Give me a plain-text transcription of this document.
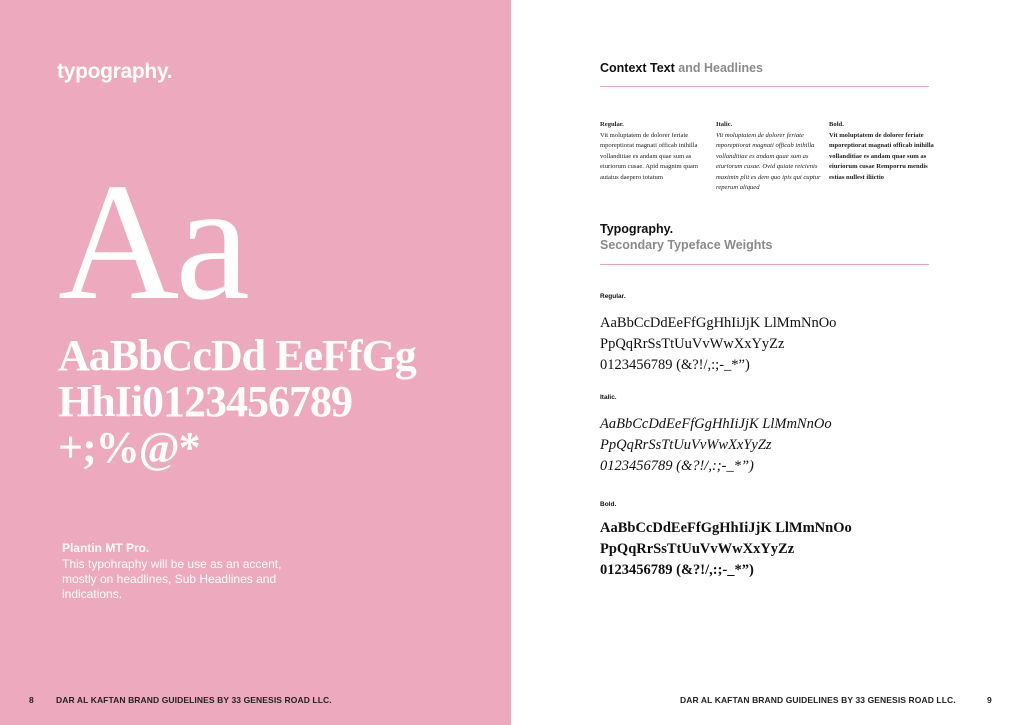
typography.
Aa
AaBbCcDd EeFfGg
HhIi0123456789
+;%@*
Plantin MT Pro.
This typohraphy will be use as an accent, mostly on headlines, Sub Headlines and indications.
8	DAR AL KAFTAN BRAND GUIDELINES BY 33 GENESIS ROAD LLC.
Context Text and Headlines
Regular.
Vit moluptatem de dolorer feriate mporeptiorat magnati officab inihilla vollanditiae es andam quae sum as eiuriorum cusae. Apid magnim quam autatus daepero totatum
Italic.
Vit moluptatem de dolorer feriate mporeptiorat magnati officab inihilla vollanditiae es andam quae sum as eiuriorum cusae. Ovid quiate reicienis maximin plit es dem quo ipis qui cuptur reperum aliqued
Bold.
Vit moluptatem de dolorer feriate mporeptiorat magnati officab inihilla vollanditiae es andam quae sum as eiuriorum cusae Remporru mendis estias nullest iliictio
Typography.
Secondary Typeface Weights
Regular.
AaBbCcDdEeFfGgHhIiJjK LlMmNnOo
PpQqRrSsTtUuVvWwXxYyZz
0123456789 (&?!/,:;-_*”)
Italic.
AaBbCcDdEeFfGgHhIiJjK LlMmNnOo
PpQqRrSsTtUuVvWwXxYyZz
0123456789 (&?!/,:;-_*”)
Bold.
AaBbCcDdEeFfGgHhIiJjK LlMmNnOo
PpQqRrSsTtUuVvWwXxYyZz
0123456789 (&?!/,:;-_*”)
DAR AL KAFTAN BRAND GUIDELINES BY 33 GENESIS ROAD LLC.	9
